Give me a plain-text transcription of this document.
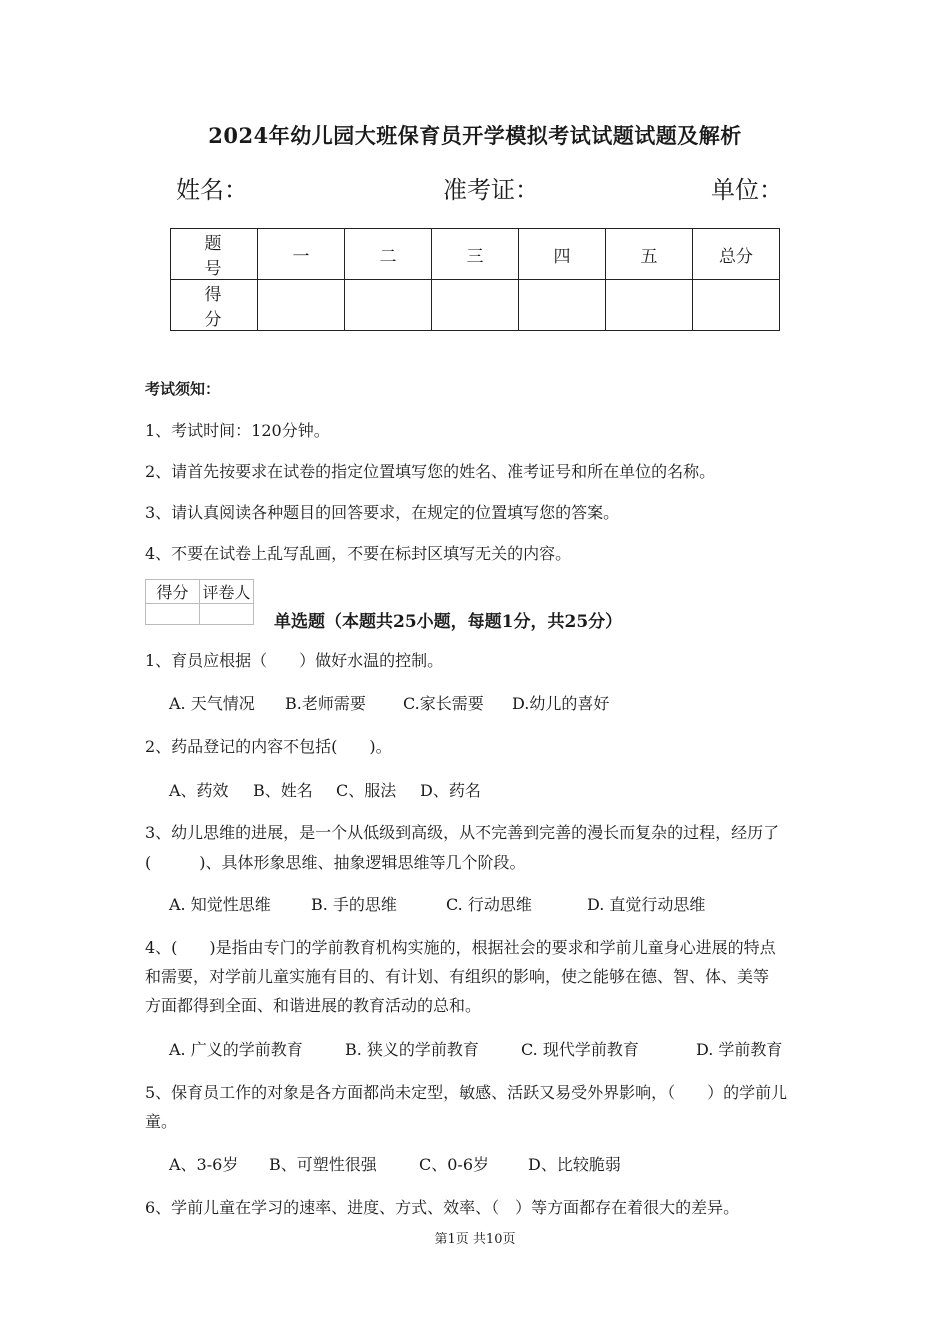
2024年幼儿园大班保育员开学模拟考试试题试题及解析
姓名：	准考证：	单位：
题 号	一	二	三	四	五	总分
得 分						
考试须知：
1、考试时间：120分钟。
2、请首先按要求在试卷的指定位置填写您的姓名、准考证号和所在单位的名称。
3、请认真阅读各种题目的回答要求，在规定的位置填写您的答案。
4、不要在试卷上乱写乱画，不要在标封区填写无关的内容。
得分	评卷人

单选题（本题共25小题，每题1分，共25分）
1、育员应根据（　　）做好水温的控制。
A. 天气情况 B.老师需要 C.家长需要 D.幼儿的喜好
2、药品登记的内容不包括(　　)。
A、药效 B、姓名 C、服法 D、药名
3、幼儿思维的进展，是一个从低级到高级，从不完善到完善的漫长而复杂的过程，经历了
(　　　)、具体形象思维、抽象逻辑思维等几个阶段。
A. 知觉性思维	B. 手的思维	C. 行动思维	D. 直觉行动思维
4、(　　)是指由专门的学前教育机构实施的，根据社会的要求和学前儿童身心进展的特点
和需要，对学前儿童实施有目的、有计划、有组织的影响，使之能够在德、智、体、美等
方面都得到全面、和谐进展的教育活动的总和。
A. 广义的学前教育	B. 狭义的学前教育	C. 现代学前教育	D. 学前教育
5、保育员工作的对象是各方面都尚未定型，敏感、活跃又易受外界影响，（　　）的学前儿
童。
A、3-6岁 B、可塑性很强	C、0-6岁 D、比较脆弱
6、学前儿童在学习的速率、进度、方式、效率、（　）等方面都存在着很大的差异。
第1页 共10页
